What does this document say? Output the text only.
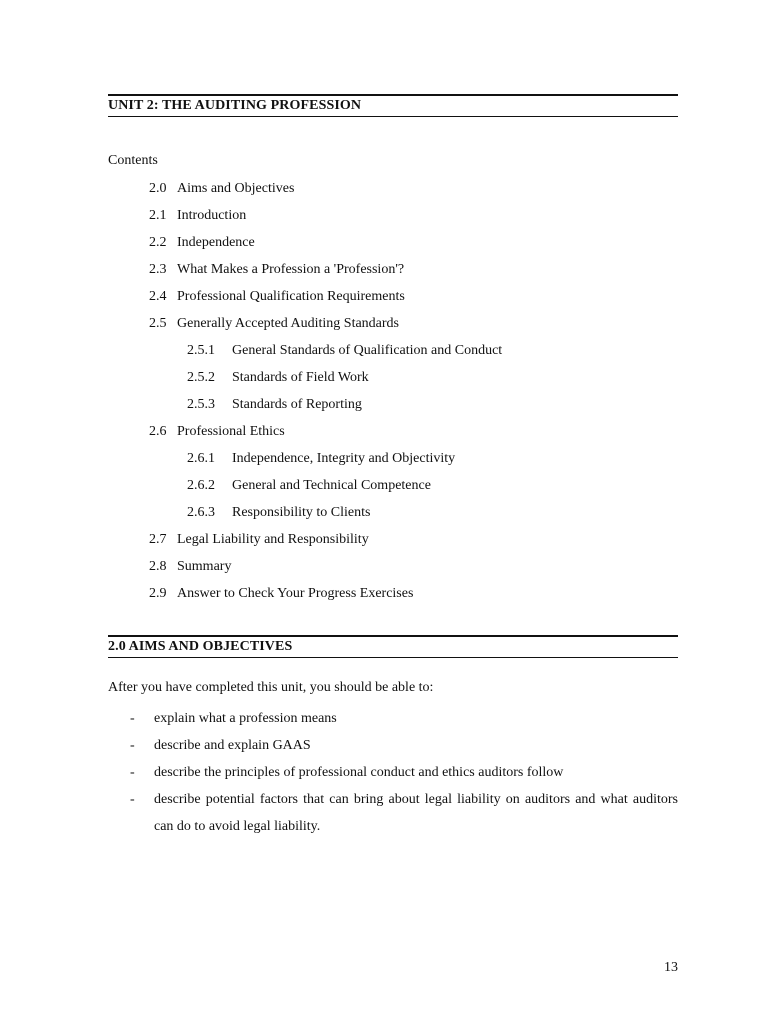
UNIT 2: THE AUDITING PROFESSION
Contents
2.0 Aims and Objectives
2.1 Introduction
2.2 Independence
2.3 What Makes a Profession a 'Profession'?
2.4 Professional Qualification Requirements
2.5 Generally Accepted Auditing Standards
2.5.1 General Standards of Qualification and Conduct
2.5.2 Standards of Field Work
2.5.3 Standards of Reporting
2.6 Professional Ethics
2.6.1 Independence, Integrity and Objectivity
2.6.2 General and Technical Competence
2.6.3 Responsibility to Clients
2.7 Legal Liability and Responsibility
2.8 Summary
2.9 Answer to Check Your Progress Exercises
2.0 AIMS AND OBJECTIVES
After you have completed this unit, you should be able to:
- explain what a profession means
- describe and explain GAAS
- describe the principles of professional conduct and ethics auditors follow
- describe potential factors that can bring about legal liability on auditors and what auditors can do to avoid legal liability.
13
